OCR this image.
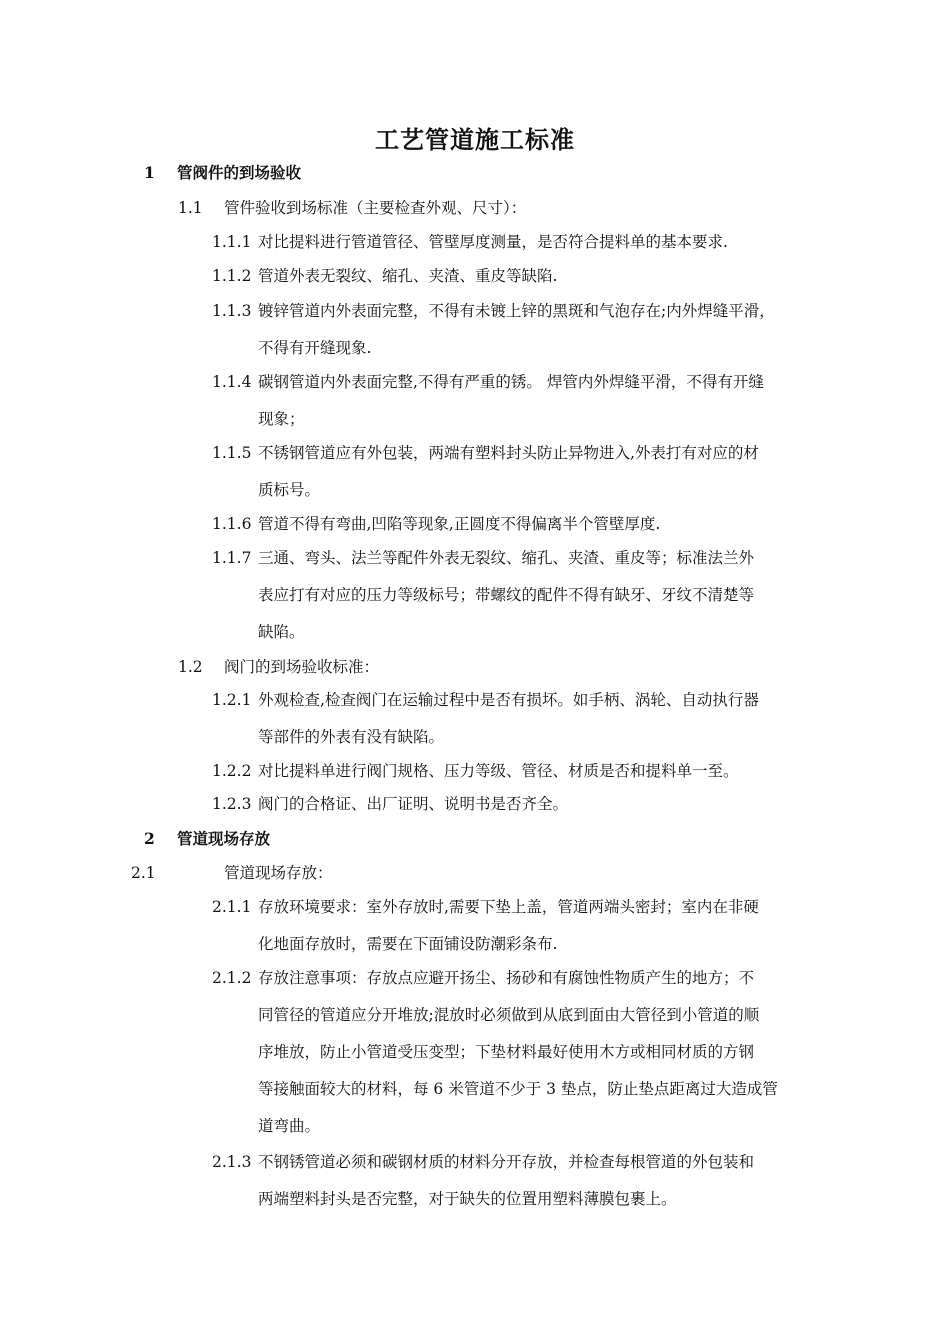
工艺管道施工标准
1 管阀件的到场验收
1.1 管件验收到场标准（主要检查外观、尺寸）：
1.1.1 对比提料进行管道管径、管壁厚度测量，是否符合提料单的基本要求.
1.1.2 管道外表无裂纹、缩孔、夹渣、重皮等缺陷.
1.1.3 镀锌管道内外表面完整，不得有未镀上锌的黑斑和气泡存在;内外焊缝平滑，
不得有开缝现象.
1.1.4 碳钢管道内外表面完整,不得有严重的锈。 焊管内外焊缝平滑，不得有开缝
现象；
1.1.5 不锈钢管道应有外包装，两端有塑料封头防止异物进入,外表打有对应的材
质标号。
1.1.6 管道不得有弯曲,凹陷等现象,正圆度不得偏离半个管壁厚度.
1.1.7 三通、弯头、法兰等配件外表无裂纹、缩孔、夹渣、重皮等；标准法兰外
表应打有对应的压力等级标号；带螺纹的配件不得有缺牙、牙纹不清楚等
缺陷。
1.2 阀门的到场验收标准：
1.2.1 外观检查,检查阀门在运输过程中是否有损坏。如手柄、涡轮、自动执行器
等部件的外表有没有缺陷。
1.2.2 对比提料单进行阀门规格、压力等级、管径、材质是否和提料单一至。
1.2.3 阀门的合格证、出厂证明、说明书是否齐全。
2 管道现场存放
2.1	管道现场存放：
2.1.1 存放环境要求：室外存放时,需要下垫上盖，管道两端头密封；室内在非硬
化地面存放时，需要在下面铺设防潮彩条布.
2.1.2 存放注意事项：存放点应避开扬尘、扬砂和有腐蚀性物质产生的地方；不
同管径的管道应分开堆放;混放时必须做到从底到面由大管径到小管道的顺
序堆放，防止小管道受压变型；下垫材料最好使用木方或相同材质的方钢
等接触面较大的材料，每 6 米管道不少于 3 垫点，防止垫点距离过大造成管
道弯曲。
2.1.3 不钢锈管道必须和碳钢材质的材料分开存放，并检查每根管道的外包装和
两端塑料封头是否完整，对于缺失的位置用塑料薄膜包裹上。
